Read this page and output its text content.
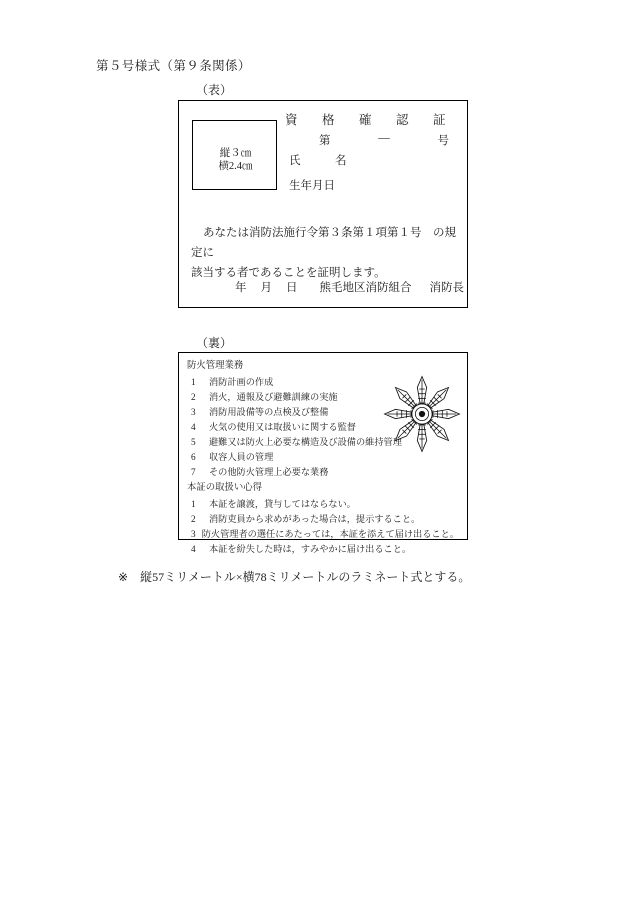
第５号様式（第９条関係）
（表）
資　格　確　認　証
第	―	号
縦３㎝
横2.4㎝	氏　　　名
生年月日
あなたは消防法施行令第３条第１項第１号　の規定に
該当する者であることを証明します。
年 月 日 熊毛地区消防組合 消防長
（裏）
防火管理業務
1	消防計画の作成
2	消火，通報及び避難訓練の実施
3	消防用設備等の点検及び整備
4	火気の使用又は取扱いに関する監督
5	避難又は防火上必要な構造及び設備の維持管理
6	収容人員の管理
7	その他防火管理上必要な業務
本証の取扱い心得
1	本証を譲渡，貸与してはならない。
2	消防吏員から求めがあった場合は，提示すること。
3 防火管理者の選任にあたっては，本証を添えて届け出ること。
4	本証を紛失した時は，すみやかに届け出ること。
※ 縦57ミリメートル×横78ミリメートルのラミネート式とする。
